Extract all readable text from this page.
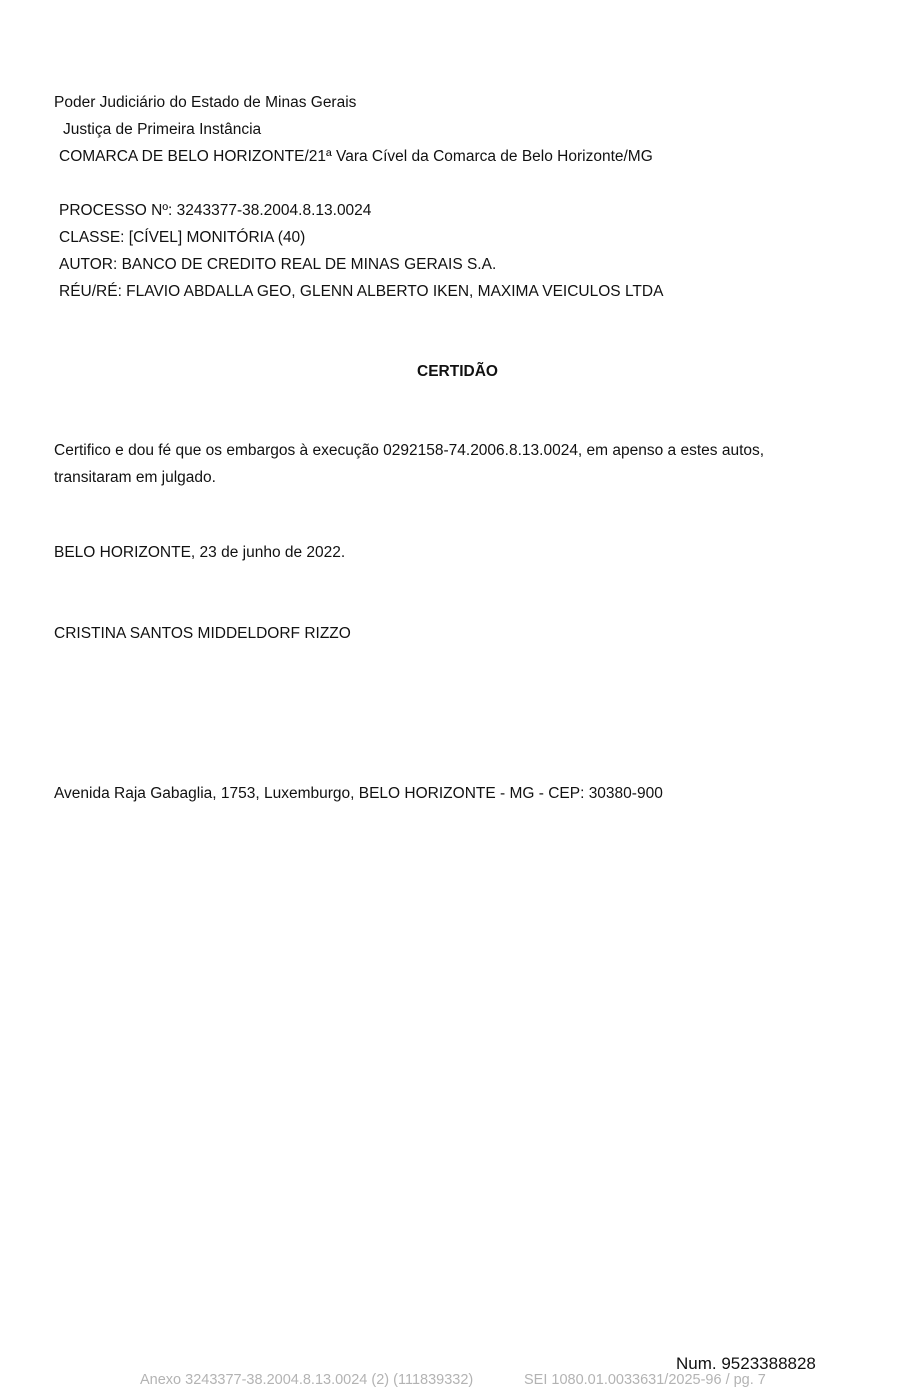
Poder Judiciário do Estado de Minas Gerais
Justiça de Primeira Instância
COMARCA DE BELO HORIZONTE/21ª Vara Cível da Comarca de Belo Horizonte/MG
PROCESSO Nº: 3243377-38.2004.8.13.0024
CLASSE: [CÍVEL] MONITÓRIA (40)
AUTOR: BANCO DE CREDITO REAL DE MINAS GERAIS S.A.
RÉU/RÉ: FLAVIO ABDALLA GEO, GLENN ALBERTO IKEN, MAXIMA VEICULOS LTDA
CERTIDÃO
Certifico e dou fé que os embargos à execução 0292158-74.2006.8.13.0024, em apenso a estes autos,
transitaram em julgado.
BELO HORIZONTE, 23 de junho de 2022.
CRISTINA SANTOS MIDDELDORF RIZZO
Avenida Raja Gabaglia, 1753, Luxemburgo, BELO HORIZONTE - MG - CEP: 30380-900
Num. 9523388828
Anexo 3243377-38.2004.8.13.0024 (2) (111839332)	SEI 1080.01.0033631/2025-96 / pg. 7
